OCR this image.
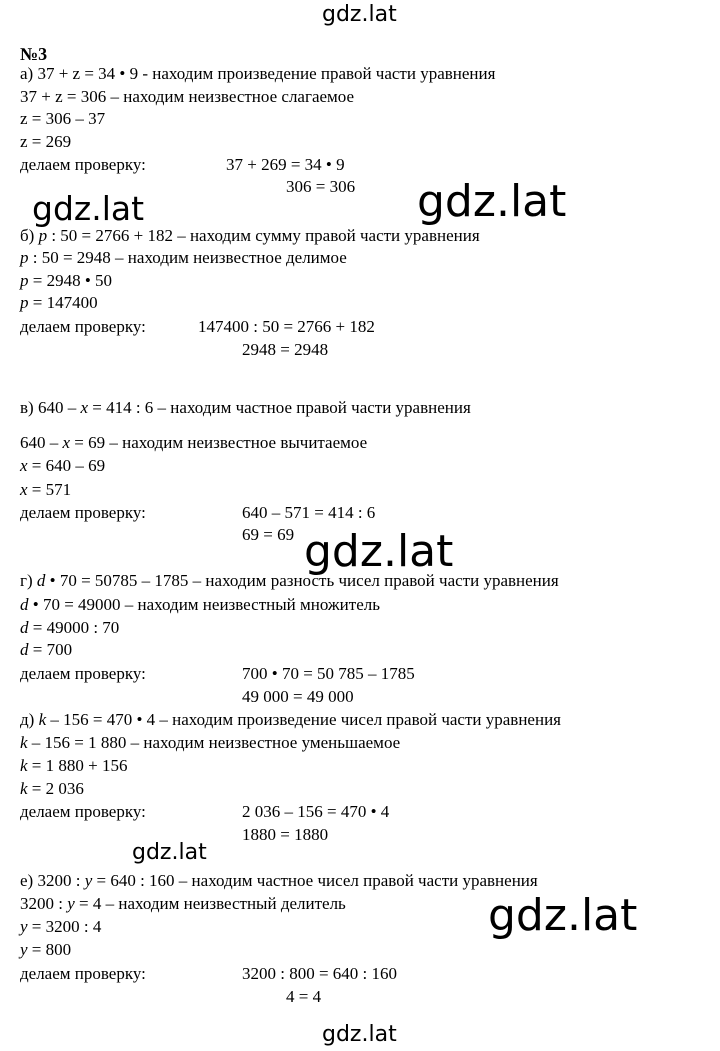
gdz.lat
№3
а) 37 + z = 34 • 9 - находим произведение правой части уравнения
37 + z = 306 – находим неизвестное слагаемое
z = 306 – 37
z = 269
делаем проверку:	37 + 269 = 34 • 9
306 = 306
б) p : 50 = 2766 + 182 – находим сумму правой части уравнения
p : 50 = 2948 – находим неизвестное делимое
p = 2948 • 50
p = 147400
делаем проверку:	147400 : 50 = 2766 + 182
2948 = 2948
в) 640 – x = 414 : 6 – находим частное правой части уравнения
640 – x = 69 – находим неизвестное вычитаемое
x = 640 – 69
x = 571
делаем проверку:	640 – 571 = 414 : 6
69 = 69
г) d • 70 = 50785 – 1785 – находим разность чисел правой части уравнения
d • 70 = 49000 – находим неизвестный множитель
d = 49000 : 70
d = 700
делаем проверку:	700 • 70 = 50 785 – 1785
49 000 = 49 000
д) k – 156 = 470 • 4 – находим произведение чисел правой части уравнения
k – 156 = 1 880 – находим неизвестное уменьшаемое
k = 1 880 + 156
k = 2 036
делаем проверку:	2 036 – 156 = 470 • 4
1880 = 1880
е) 3200 : y = 640 : 160 – находим частное чисел правой части уравнения
3200 : y = 4 – находим неизвестный делитель
y = 3200 : 4
y = 800
делаем проверку:	3200 : 800 = 640 : 160
4 = 4
gdz.lat	gdz.lat
gdz.lat
gdz.lat
gdz.lat
gdz.lat
